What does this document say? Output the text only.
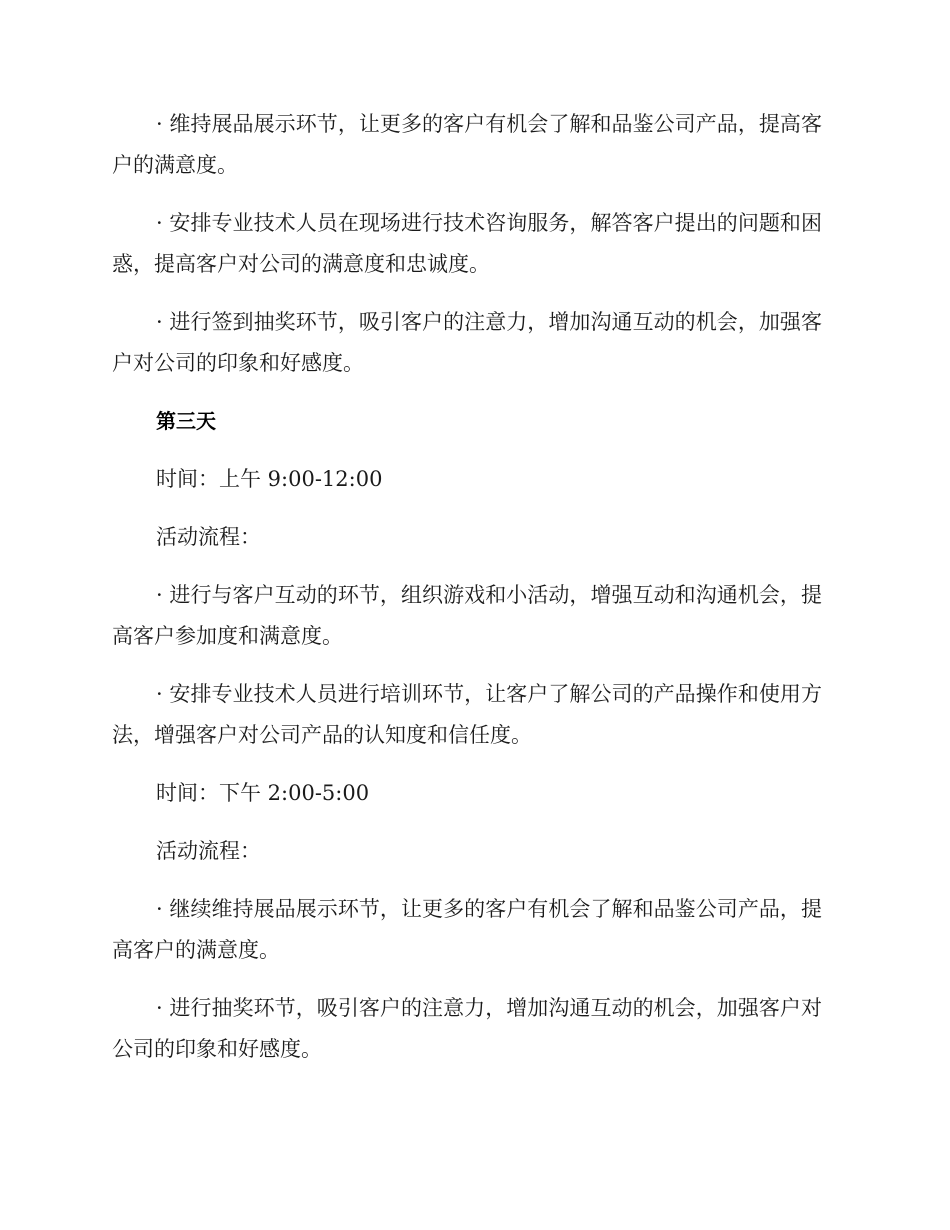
· 维持展品展示环节，让更多的客户有机会了解和品鉴公司产品，提高客户的满意度。

· 安排专业技术人员在现场进行技术咨询服务，解答客户提出的问题和困惑，提高客户对公司的满意度和忠诚度。

· 进行签到抽奖环节，吸引客户的注意力，增加沟通互动的机会，加强客户对公司的印象和好感度。

第三天

时间：上午 9:00-12:00

活动流程：

· 进行与客户互动的环节，组织游戏和小活动，增强互动和沟通机会，提高客户参加度和满意度。

· 安排专业技术人员进行培训环节，让客户了解公司的产品操作和使用方法，增强客户对公司产品的认知度和信任度。

时间：下午 2:00-5:00

活动流程：

· 继续维持展品展示环节，让更多的客户有机会了解和品鉴公司产品，提高客户的满意度。

· 进行抽奖环节，吸引客户的注意力，增加沟通互动的机会，加强客户对公司的印象和好感度。
